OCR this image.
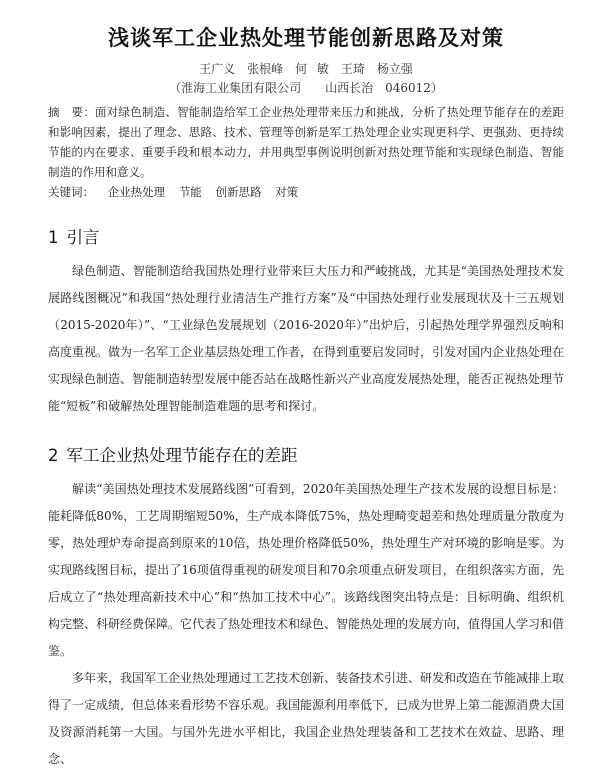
浅谈军工企业热处理节能创新思路及对策
王广义　张根峰　何 敏　王琦　杨立强
（淮海工业集团有限公司　　山西长治　046012）
摘　要：面对绿色制造、智能制造给军工企业热处理带来压力和挑战，分析了热处理节能存在的差距和影响因素，提出了理念、思路、技术、管理等创新是军工热处理企业实现更科学、更强劲、更持续节能的内在要求、重要手段和根本动力，并用典型事例说明创新对热处理节能和实现绿色制造、智能制造的作用和意义。
关键词： 企业热处理 节能 创新思路 对策
1 引言

绿色制造、智能制造给我国热处理行业带来巨大压力和严峻挑战，尤其是“美国热处理技术发展路线图概况”和我国“热处理行业清洁生产推行方案”及“中国热处理行业发展现状及十三五规划（2015-2020年）”、“工业绿色发展规划（2016-2020年）”出炉后，引起热处理学界强烈反响和高度重视。做为一名军工企业基层热处理工作者，在得到重要启发同时，引发对国内企业热处理在实现绿色制造、智能制造转型发展中能否站在战略性新兴产业高度发展热处理，能否正视热处理节能“短板”和破解热处理智能制造难题的思考和探讨。

2 军工企业热处理节能存在的差距

解读“美国热处理技术发展路线图”可看到，2020年美国热处理生产技术发展的设想目标是：能耗降低80%，工艺周期缩短50%，生产成本降低75%，热处理畸变超差和热处理质量分散度为零，热处理炉寿命提高到原来的10倍，热处理价格降低50%，热处理生产对环境的影响是零。为实现路线图目标，提出了16项值得重视的研发项目和70余项重点研发项目，在组织落实方面，先后成立了“热处理高新技术中心”和“热加工技术中心”。该路线图突出特点是：目标明确、组织机构完整、科研经费保障。它代表了热处理技术和绿色、智能热处理的发展方向，值得国人学习和借鉴。

多年来，我国军工企业热处理通过工艺技术创新、装备技术引进、研发和改造在节能减排上取得了一定成绩，但总体来看形势不容乐观。我国能源利用率低下，已成为世界上第二能源消费大国及资源消耗第一大国。与国外先进水平相比，我国企业热处理装备和工艺技术在效益、思路、理念、
